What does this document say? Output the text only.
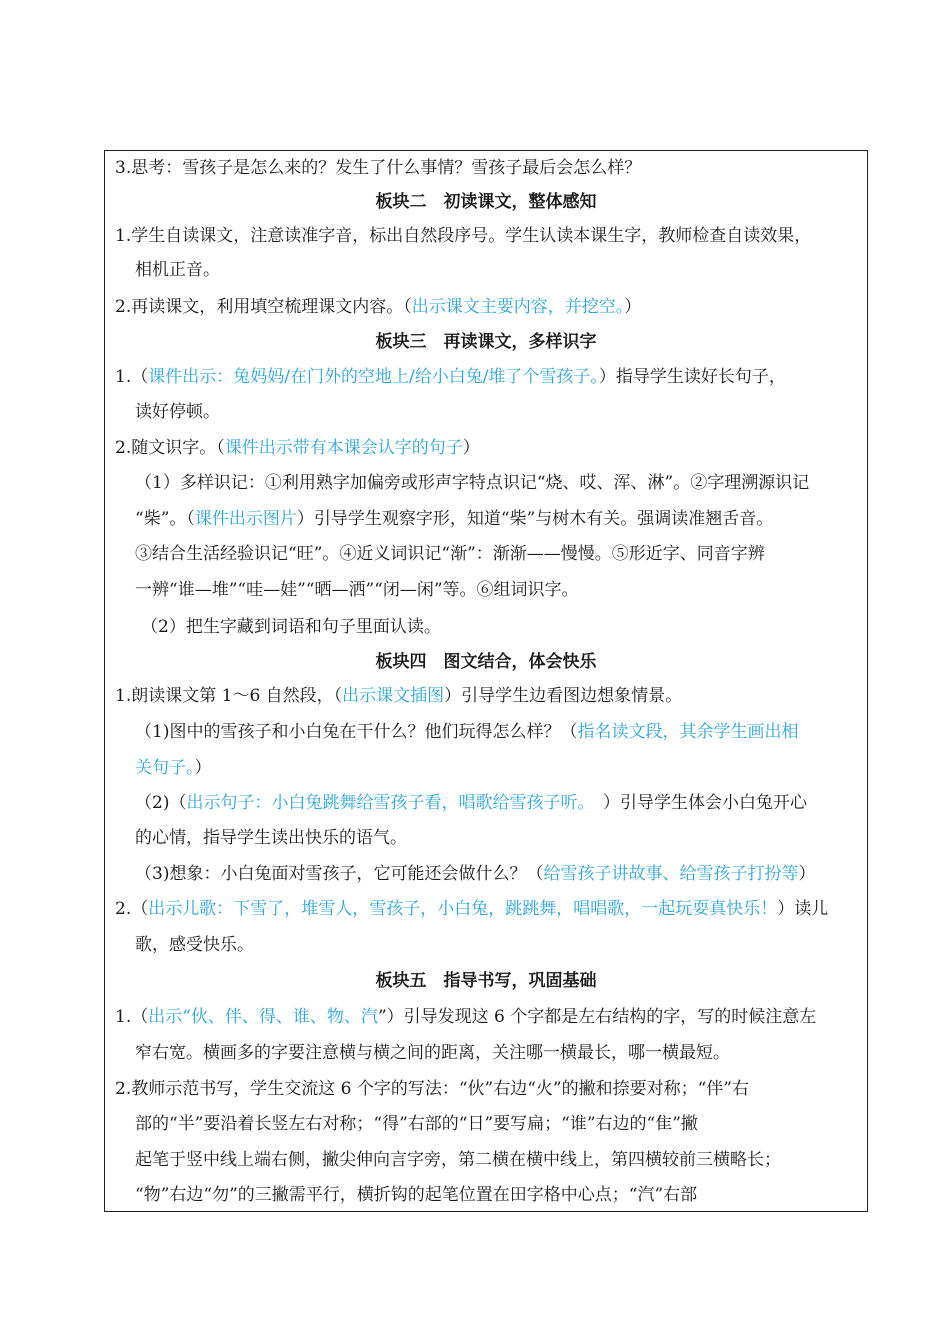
3.思考：雪孩子是怎么来的？发生了什么事情？雪孩子最后会怎么样？
板块二　初读课文，整体感知
1.学生自读课文，注意读准字音，标出自然段序号。学生认读本课生字，教师检查自读效果，
相机正音。
2.再读课文，利用填空梳理课文内容。（出示课文主要内容，并挖空。）
板块三　再读课文，多样识字
1.（课件出示：兔妈妈/在门外的空地上/给小白兔/堆了个雪孩子。）指导学生读好长句子，
读好停顿。
2.随文识字。（课件出示带有本课会认字的句子）
（1）多样识记：①利用熟字加偏旁或形声字特点识记“烧、哎、浑、淋”。②字理溯源识记
“柴”。（课件出示图片）引导学生观察字形，知道“柴”与树木有关。强调读准翘舌音。
③结合生活经验识记“旺”。④近义词识记“渐”：渐渐——慢慢。⑤形近字、同音字辨
一辨“谁—堆”“哇—娃”“晒—洒”“闭—闲”等。⑥组词识字。
（2）把生字藏到词语和句子里面认读。
板块四　图文结合，体会快乐
1.朗读课文第 1～6 自然段，（出示课文插图）引导学生边看图边想象情景。
（1)图中的雪孩子和小白兔在干什么？他们玩得怎么样？（指名读文段，其余学生画出相
关句子。）
（2)（出示句子：小白兔跳舞给雪孩子看，唱歌给雪孩子听。　）引导学生体会小白兔开心
的心情，指导学生读出快乐的语气。
（3)想象：小白兔面对雪孩子，它可能还会做什么？（给雪孩子讲故事、给雪孩子打扮等）
2.（出示儿歌：下雪了，堆雪人，雪孩子，小白兔，跳跳舞，唱唱歌，一起玩耍真快乐！）读儿
歌，感受快乐。
板块五　指导书写，巩固基础
1.（出示“伙、伴、得、谁、物、汽”）引导发现这 6 个字都是左右结构的字，写的时候注意左
窄右宽。横画多的字要注意横与横之间的距离，关注哪一横最长，哪一横最短。
2.教师示范书写，学生交流这 6 个字的写法：“伙”右边“火”的撇和捺要对称；“伴”右
部的“半”要沿着长竖左右对称；“得”右部的“日”要写扁；“谁”右边的“隹”撇
起笔于竖中线上端右侧，撇尖伸向言字旁，第二横在横中线上，第四横较前三横略长；
“物”右边“勿”的三撇需平行，横折钩的起笔位置在田字格中心点；“汽”右部
